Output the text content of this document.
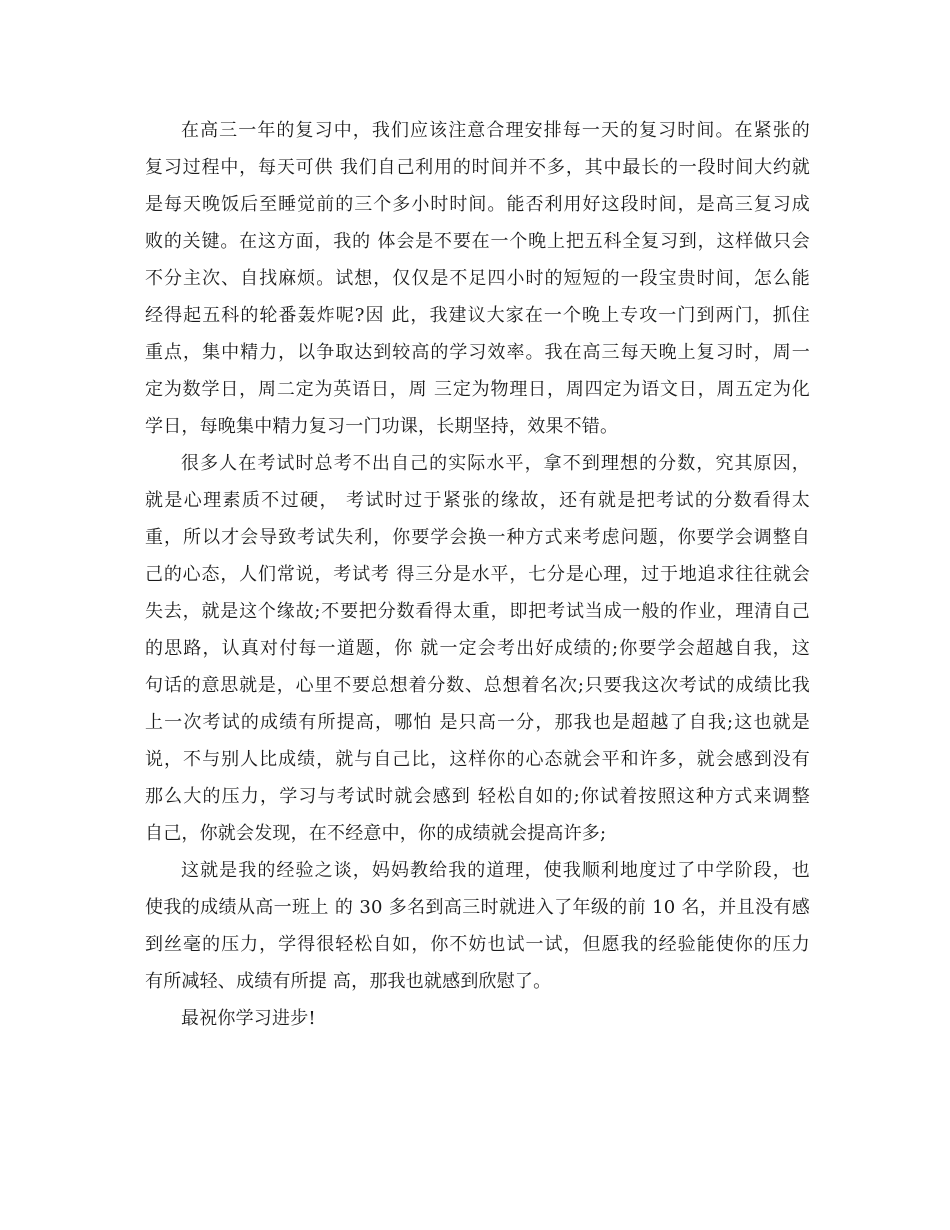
在高三一年的复习中，我们应该注意合理安排每一天的复习时间。在紧张的
复习过程中，每天可供 我们自己利用的时间并不多，其中最长的一段时间大约就
是每天晚饭后至睡觉前的三个多小时时间。能否利用好这段时间，是高三复习成
败的关键。在这方面，我的 体会是不要在一个晚上把五科全复习到，这样做只会
不分主次、自找麻烦。试想，仅仅是不足四小时的短短的一段宝贵时间，怎么能
经得起五科的轮番轰炸呢?因 此，我建议大家在一个晚上专攻一门到两门，抓住
重点，集中精力，以争取达到较高的学习效率。我在高三每天晚上复习时，周一
定为数学日，周二定为英语日，周 三定为物理日，周四定为语文日，周五定为化
学日，每晚集中精力复习一门功课，长期坚持，效果不错。
很多人在考试时总考不出自己的实际水平，拿不到理想的分数，究其原因，
就是心理素质不过硬， 考试时过于紧张的缘故，还有就是把考试的分数看得太
重，所以才会导致考试失利，你要学会换一种方式来考虑问题，你要学会调整自
己的心态，人们常说，考试考 得三分是水平，七分是心理，过于地追求往往就会
失去，就是这个缘故;不要把分数看得太重，即把考试当成一般的作业，理清自己
的思路，认真对付每一道题，你 就一定会考出好成绩的;你要学会超越自我，这
句话的意思就是，心里不要总想着分数、总想着名次;只要我这次考试的成绩比我
上一次考试的成绩有所提高，哪怕 是只高一分，那我也是超越了自我;这也就是
说，不与别人比成绩，就与自己比，这样你的心态就会平和许多，就会感到没有
那么大的压力，学习与考试时就会感到 轻松自如的;你试着按照这种方式来调整
自己，你就会发现，在不经意中，你的成绩就会提高许多;
这就是我的经验之谈，妈妈教给我的道理，使我顺利地度过了中学阶段，也
使我的成绩从高一班上 的 30 多名到高三时就进入了年级的前 10 名，并且没有感
到丝毫的压力，学得很轻松自如，你不妨也试一试，但愿我的经验能使你的压力
有所减轻、成绩有所提 高，那我也就感到欣慰了。
最祝你学习进步!
